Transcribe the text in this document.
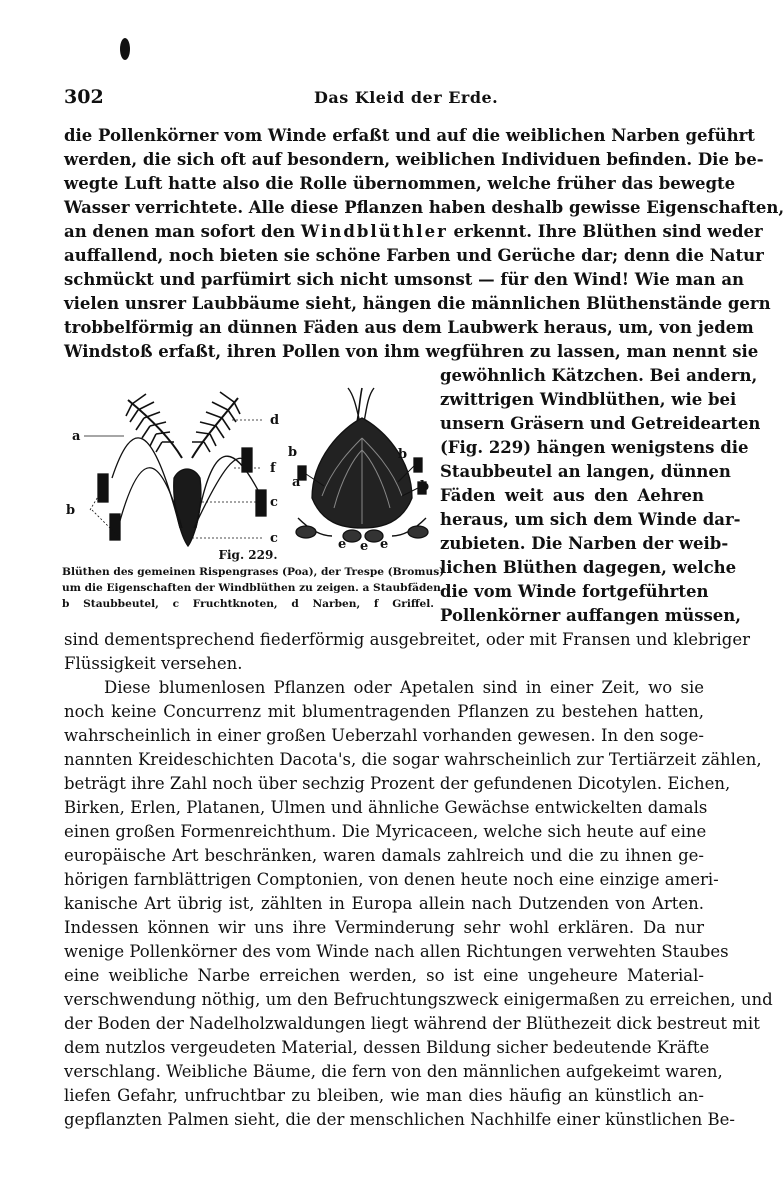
302	Das Kleid der Erde.
die Pollenkörner vom Winde erfaßt und auf die weiblichen Narben geführt
werden, die sich oft auf besondern, weiblichen Individuen befinden. Die be-
wegte Luft hatte also die Rolle übernommen, welche früher das bewegte
Wasser verrichtete. Alle diese Pflanzen haben deshalb gewisse Eigenschaften,
an denen man sofort den Windblüthler erkennt. Ihre Blüthen sind weder
auffallend, noch bieten sie schöne Farben und Gerüche dar; denn die Natur
schmückt und parfümirt sich nicht umsonst — für den Wind! Wie man an
vielen unsrer Laubbäume sieht, hängen die männlichen Blüthenstände gern
trobbelförmig an dünnen Fäden aus dem Laubwerk heraus, um, von jedem
Windstoß erfaßt, ihren Pollen von ihm wegführen zu lassen, man nennt sie
gewöhnlich Kätzchen. Bei andern,
zwittrigen Windblüthen, wie bei
unsern Gräsern und Getreidearten
(Fig. 229) hängen wenigstens die
Staubbeutel an langen, dünnen
Fäden weit aus den Aehren
heraus, um sich dem Winde dar-
zubieten. Die Narben der weib-
lichen Blüthen dagegen, welche
die vom Winde fortgeführten
Pollenkörner auffangen müssen,
a
b
d
f
c
c
b
a
b
b
e e e
Fig. 229.
Blüthen des gemeinen Rispengrases (Poa), der Trespe (Bromus)
um die Eigenschaften der Windblüthen zu zeigen. a Staubfäden,
b Staubbeutel, c Fruchtknoten, d Narben, f Griffel.
sind dementsprechend fiederförmig ausgebreitet, oder mit Fransen und klebriger
Flüssigkeit versehen.
Diese blumenlosen Pflanzen oder Apetalen sind in einer Zeit, wo sie
noch keine Concurrenz mit blumentragenden Pflanzen zu bestehen hatten,
wahrscheinlich in einer großen Ueberzahl vorhanden gewesen. In den soge-
nannten Kreideschichten Dacota's, die sogar wahrscheinlich zur Tertiärzeit zählen,
beträgt ihre Zahl noch über sechzig Prozent der gefundenen Dicotylen. Eichen,
Birken, Erlen, Platanen, Ulmen und ähnliche Gewächse entwickelten damals
einen großen Formenreichthum. Die Myricaceen, welche sich heute auf eine
europäische Art beschränken, waren damals zahlreich und die zu ihnen ge-
hörigen farnblättrigen Comptonien, von denen heute noch eine einzige ameri-
kanische Art übrig ist, zählten in Europa allein nach Dutzenden von Arten.
Indessen können wir uns ihre Verminderung sehr wohl erklären. Da nur
wenige Pollenkörner des vom Winde nach allen Richtungen verwehten Staubes
eine weibliche Narbe erreichen werden, so ist eine ungeheure Material-
verschwendung nöthig, um den Befruchtungszweck einigermaßen zu erreichen, und
der Boden der Nadelholzwaldungen liegt während der Blüthezeit dick bestreut mit
dem nutzlos vergeudeten Material, dessen Bildung sicher bedeutende Kräfte
verschlang. Weibliche Bäume, die fern von den männlichen aufgekeimt waren,
liefen Gefahr, unfruchtbar zu bleiben, wie man dies häufig an künstlich an-
gepflanzten Palmen sieht, die der menschlichen Nachhilfe einer künstlichen Be-
